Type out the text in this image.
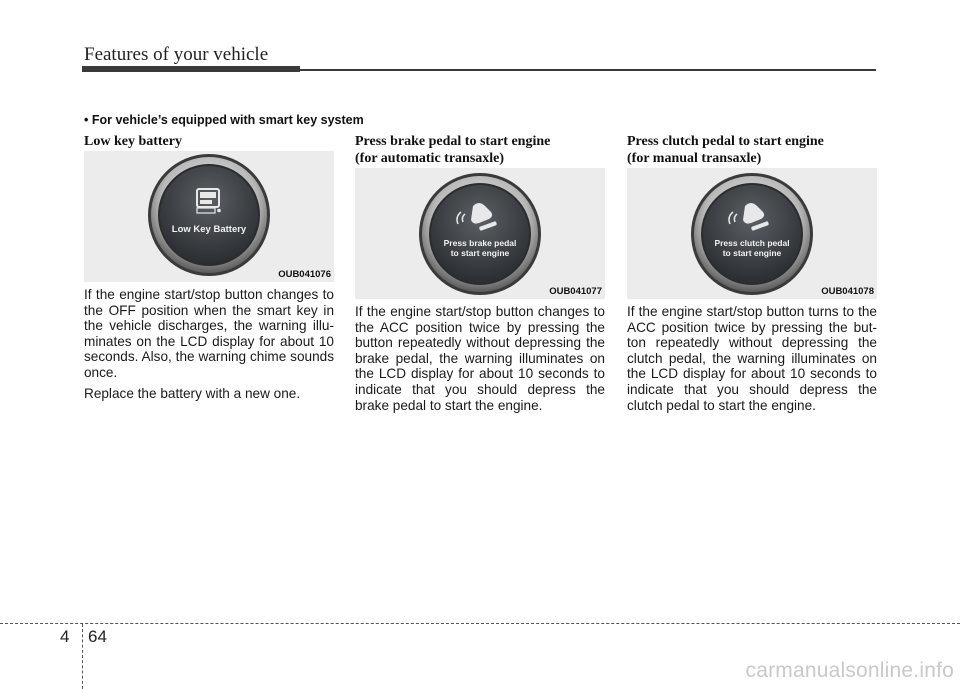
Features of your vehicle
• For vehicle’s equipped with smart key system
Low key battery
Low Key Battery
OUB041076

If the engine start/stop button changes to the OFF position when the smart key in the vehicle discharges, the warning illu-minates on the LCD display for about 10 seconds. Also, the warning chime sounds once.

Replace the battery with a new one.

Press brake pedal to start engine
(for automatic transaxle)
Press brake pedal
to start engine
OUB041077

If the engine start/stop button changes to the ACC position twice by pressing the button repeatedly without depressing the brake pedal, the warning illuminates on the LCD display for about 10 seconds to indicate that you should depress the brake pedal to start the engine.

Press clutch pedal to start engine
(for manual transaxle)
Press clutch pedal
to start engine
OUB041078

If the engine start/stop button turns to the ACC position twice by pressing the but-ton repeatedly without depressing the clutch pedal, the warning illuminates on the LCD display for about 10 seconds to indicate that you should depress the clutch pedal to start the engine.

4 64
carmanualsonline.info
